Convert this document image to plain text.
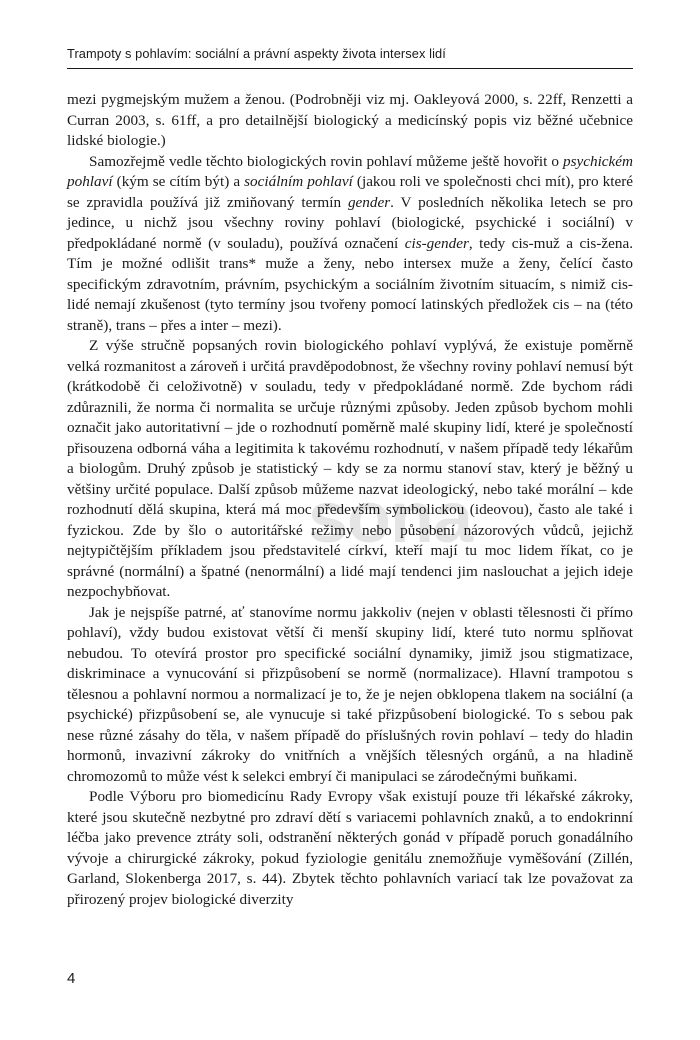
Trampoty s pohlavím: sociální a právní aspekty života intersex lidí

mezi pygmejským mužem a ženou. (Podrobněji viz mj. Oakleyová 2000, s. 22ff, Renzetti a Curran 2003, s. 61ff, a pro detailnější biologický a medicínský popis viz běžné učebnice lidské biologie.)

Samozřejmě vedle těchto biologických rovin pohlaví můžeme ještě hovořit o psychickém pohlaví (kým se cítím být) a sociálním pohlaví (jakou roli ve společnosti chci mít), pro které se zpravidla používá již zmiňovaný termín gender. V posledních několika letech se pro jedince, u nichž jsou všechny roviny pohlaví (biologické, psychické i sociální) v předpokládané normě (v souladu), používá označení cis-gender, tedy cis-muž a cis-žena. Tím je možné odlišit trans* muže a ženy, nebo intersex muže a ženy, čelící často specifickým zdravotním, právním, psychickým a sociálním životním situacím, s nimiž cis-lidé nemají zkušenost (tyto termíny jsou tvořeny pomocí latinských předložek cis – na (této straně), trans – přes a inter – mezi).

Z výše stručně popsaných rovin biologického pohlaví vyplývá, že existuje poměrně velká rozmanitost a zároveň i určitá pravděpodobnost, že všechny roviny pohlaví nemusí být (krátkodobě či celoživotně) v souladu, tedy v předpokládané normě. Zde bychom rádi zdůraznili, že norma či normalita se určuje různými způsoby. Jeden způsob bychom mohli označit jako autoritativní – jde o rozhodnutí poměrně malé skupiny lidí, které je společností přisouzena odborná váha a legitimita k takovému rozhodnutí, v našem případě tedy lékařům a biologům. Druhý způsob je statistický – kdy se za normu stanoví stav, který je běžný u většiny určité populace. Další způsob můžeme nazvat ideologický, nebo také morální – kde rozhodnutí dělá skupina, která má moc především symbolickou (ideovou), často ale také i fyzickou. Zde by šlo o autoritářské režimy nebo působení názorových vůdců, jejichž nejtypičtějším příkladem jsou představitelé církví, kteří mají tu moc lidem říkat, co je správné (normální) a špatné (nenormální) a lidé mají tendenci jim naslouchat a jejich ideje nezpochybňovat.

Jak je nejspíše patrné, ať stanovíme normu jakkoliv (nejen v oblasti tělesnosti či přímo pohlaví), vždy budou existovat větší či menší skupiny lidí, které tuto normu splňovat nebudou. To otevírá prostor pro specifické sociální dynamiky, jimiž jsou stigmatizace, diskriminace a vynucování si přizpůsobení se normě (normalizace). Hlavní trampotou s tělesnou a pohlavní normou a normalizací je to, že je nejen obklopena tlakem na sociální (a psychické) přizpůsobení se, ale vynucuje si také přizpůsobení biologické. To s sebou pak nese různé zásahy do těla, v našem případě do příslušných rovin pohlaví – tedy do hladin hormonů, invazivní zákroky do vnitřních a vnějších tělesných orgánů, a na hladině chromozomů to může vést k selekci embryí či manipulaci se zárodečnými buňkami.

Podle Výboru pro biomedicínu Rady Evropy však existují pouze tři lékařské zákroky, které jsou skutečně nezbytné pro zdraví dětí s variacemi pohlavních znaků, a to endokrinní léčba jako prevence ztráty soli, odstranění některých gonád v případě poruch gonadálního vývoje a chirurgické zákroky, pokud fyziologie genitálu znemožňuje vyměšování (Zillén, Garland, Slokenberga 2017, s. 44). Zbytek těchto pohlavních variací tak lze považovat za přirozený projev biologické diverzity

sona
4
